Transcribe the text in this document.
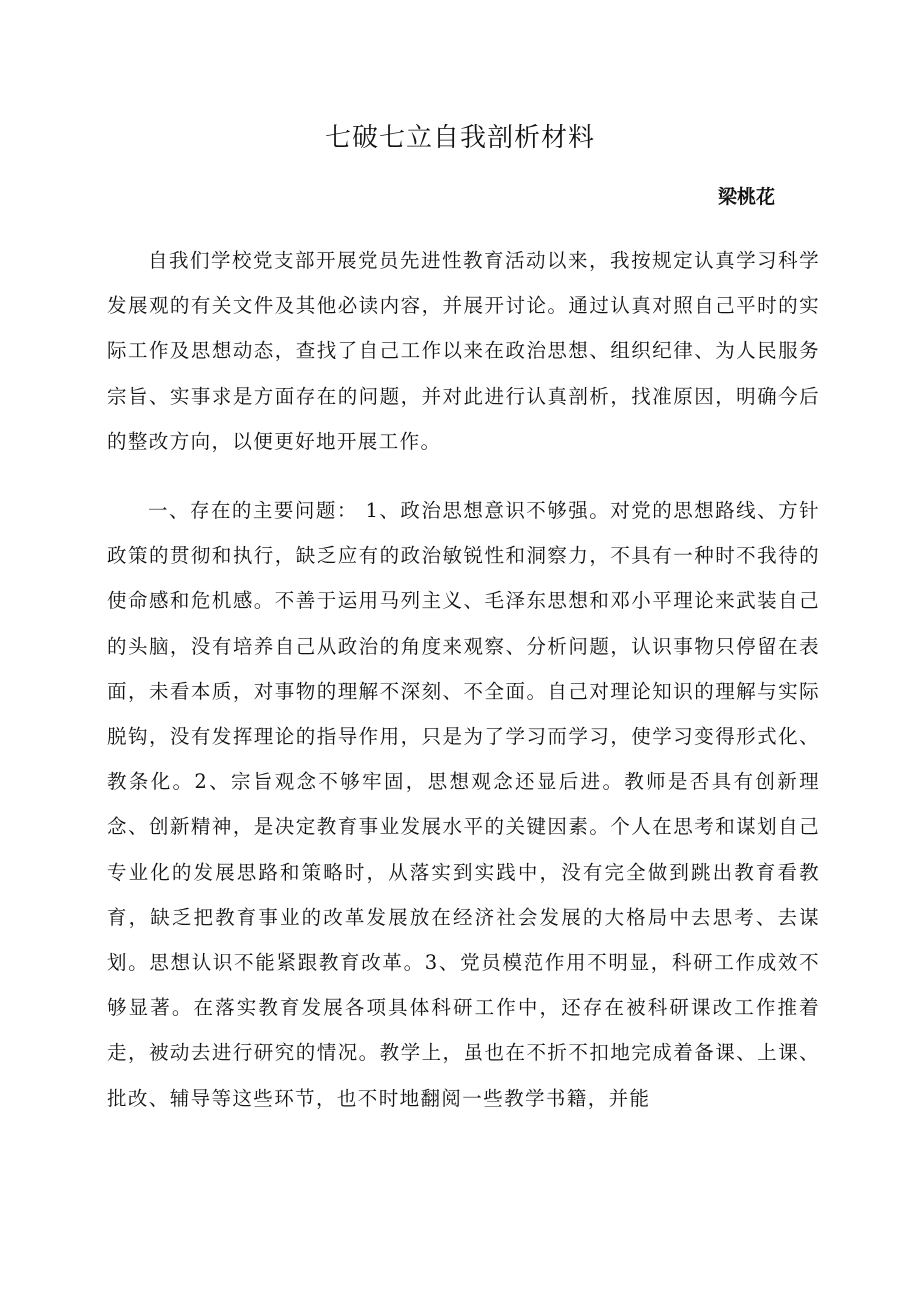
七破七立自我剖析材料

梁桃花

自我们学校党支部开展党员先进性教育活动以来，我按规定认真学习科学发展观的有关文件及其他必读内容，并展开讨论。通过认真对照自己平时的实际工作及思想动态，查找了自己工作以来在政治思想、组织纪律、为人民服务宗旨、实事求是方面存在的问题，并对此进行认真剖析，找准原因，明确今后的整改方向，以便更好地开展工作。

一、存在的主要问题： 1、政治思想意识不够强。对党的思想路线、方针政策的贯彻和执行，缺乏应有的政治敏锐性和洞察力，不具有一种时不我待的使命感和危机感。不善于运用马列主义、毛泽东思想和邓小平理论来武装自己的头脑，没有培养自己从政治的角度来观察、分析问题，认识事物只停留在表面，未看本质，对事物的理解不深刻、不全面。自己对理论知识的理解与实际脱钩，没有发挥理论的指导作用，只是为了学习而学习，使学习变得形式化、教条化。2、宗旨观念不够牢固，思想观念还显后进。教师是否具有创新理念、创新精神，是决定教育事业发展水平的关键因素。个人在思考和谋划自己专业化的发展思路和策略时，从落实到实践中，没有完全做到跳出教育看教育，缺乏把教育事业的改革发展放在经济社会发展的大格局中去思考、去谋划。思想认识不能紧跟教育改革。3、党员模范作用不明显，科研工作成效不够显著。在落实教育发展各项具体科研工作中，还存在被科研课改工作推着走，被动去进行研究的情况。教学上，虽也在不折不扣地完成着备课、上课、批改、辅导等这些环节，也不时地翻阅一些教学书籍，并能
